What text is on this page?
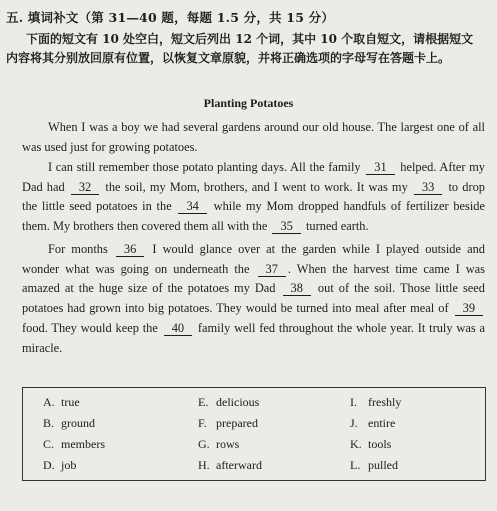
五. 填词补文（第 31—40 题，每题 1.5 分，共 15 分）
下面的短文有 10 处空白，短文后列出 12 个词，其中 10 个取自短文，请根据短文
内容将其分别放回原有位置，以恢复文章原貌，并将正确选项的字母写在答题卡上。
Planting Potatoes
When I was a boy we had several gardens around our old house. The largest one of all
was used just for growing potatoes.
I can still remember those potato planting days. All the family 31 helped. After my
Dad had 32 the soil, my Mom, brothers, and I went to work. It was my 33 to drop
the little seed potatoes in the 34 while my Mom dropped handfuls of fertilizer beside
them. My brothers then covered them all with the 35 turned earth.
For months 36 I would glance over at the garden while I played outside and
wonder what was going on underneath the 37 . When the harvest time came I was
amazed at the huge size of the potatoes my Dad 38 out of the soil. Those little seed
potatoes had grown into big potatoes. They would be turned into meal after meal of 39
food. They would keep the 40 family well fed throughout the whole year. It truly was a
miracle.
A. true
B. ground
C. members
D. job
E. delicious
F. prepared
G. rows
H. afterward
I. freshly
J. entire
K. tools
L. pulled
